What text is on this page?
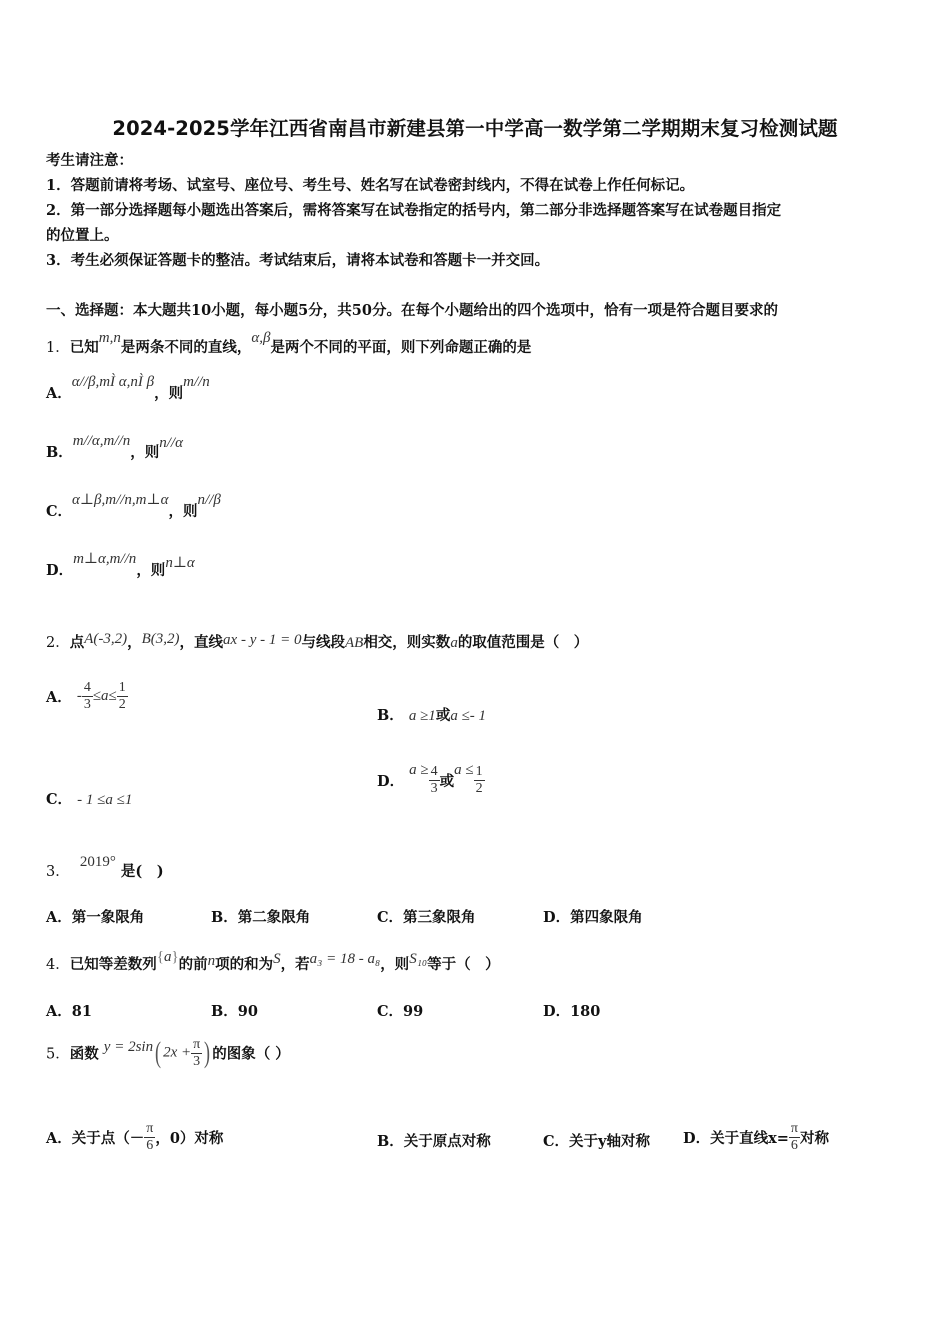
2024-2025学年江西省南昌市新建县第一中学高一数学第二学期期末复习检测试题
考生请注意：
1．答题前请将考场、试室号、座位号、考生号、姓名写在试卷密封线内，不得在试卷上作任何标记。
2．第一部分选择题每小题选出答案后，需将答案写在试卷指定的括号内，第二部分非选择题答案写在试卷题目指定
的位置上。
3．考生必须保证答题卡的整洁。考试结束后，请将本试卷和答题卡一并交回。
一、选择题：本大题共10小题，每小题5分，共50分。在每个小题给出的四个选项中，恰有一项是符合题目要求的
1．已知m,n是两条不同的直线，α,β是两个不同的平面，则下列命题正确的是
A．α//β,mÌ α,nÌ β，则m//n
B．m//α,m//n，则n//α
C．α⊥β,m//n,m⊥α，则n//β
D．m⊥α,m//n，则n⊥α
2．点A(-3,2)，B(3,2)，直线ax - y - 1 = 0与线段AB相交，则实数a的取值范围是（　）
A． - $\frac{4}{3} \le a\le \frac{1}{2}$
B． a ≥1或a ≤- 1
C． - 1 ≤a ≤1
D． $a \ge \frac{4}{3}$ 或$a \le \frac{1}{2}$
3．  2019° 是(　)
A．第一象限角	B．第二象限角	C．第三象限角	D．第四象限角
4．已知等差数列{a}的前n项的和为S，若a₃ = 18 - a₈，则S₁₀等于（　）
A．81	B．90	C．99	D．180
5．函数 y = 2sin( $2x + \frac{\pi}{3}$ ) 的图象（ ）
A．关于点（－ $\frac{\pi}{6}$ ，0）对称	B．关于原点对称	C．关于y轴对称 D．关于直线$x= \frac{\pi}{6}$ 对称
